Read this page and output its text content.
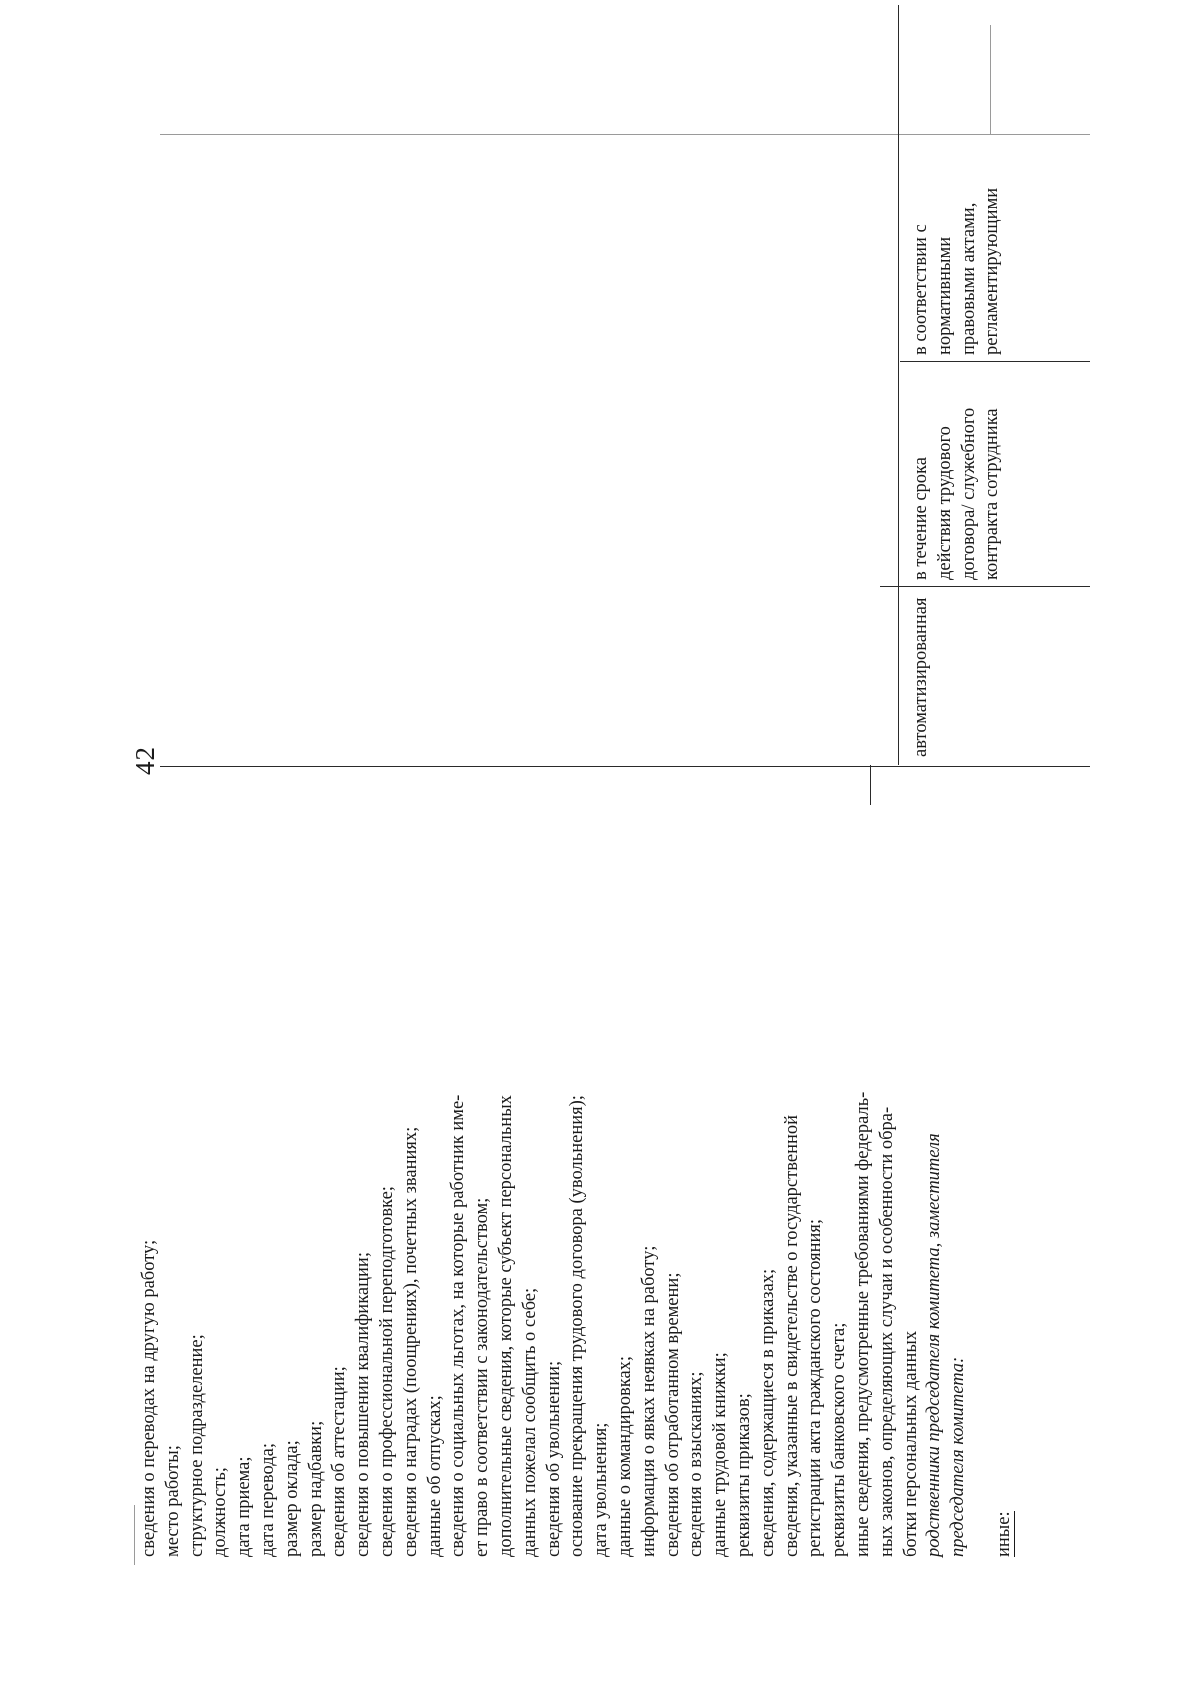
42
сведения о переводах на другую работу; место работы; структурное подразделение; должность; дата приема; дата перевода; размер оклада; размер надбавки; сведения об аттестации; сведения о повышении квалификации; сведения о профессиональной переподготовке; сведения о наградах (поощрениях), почетных званиях; данные об отпусках; сведения о социальных льготах, на которые работник име- ет право в соответствии с законодательством; дополнительные сведения, которые субъект персональных данных пожелал сообщить о себе; сведения об увольнении; основание прекращения трудового договора (увольнения); дата увольнения; данные о командировках; информация о явках неявках на работу; сведения об отработанном времени; сведения о взысканиях; данные трудовой книжки; реквизиты приказов; сведения, содержащиеся в приказах; сведения, указанные в свидетельстве о государственной регистрации акта гражданского состояния; реквизиты банковского счета; иные сведения, предусмотренные требованиями федераль- ных законов, определяющих случаи и особенности обра- ботки персональных данных родственники председателя комитета, заместителя председателя комитета: иные:
автоматизированная
в течение срока действия трудового договора/ служебного контракта сотрудника
в соответствии с нормативными правовыми актами, регламентирующими
